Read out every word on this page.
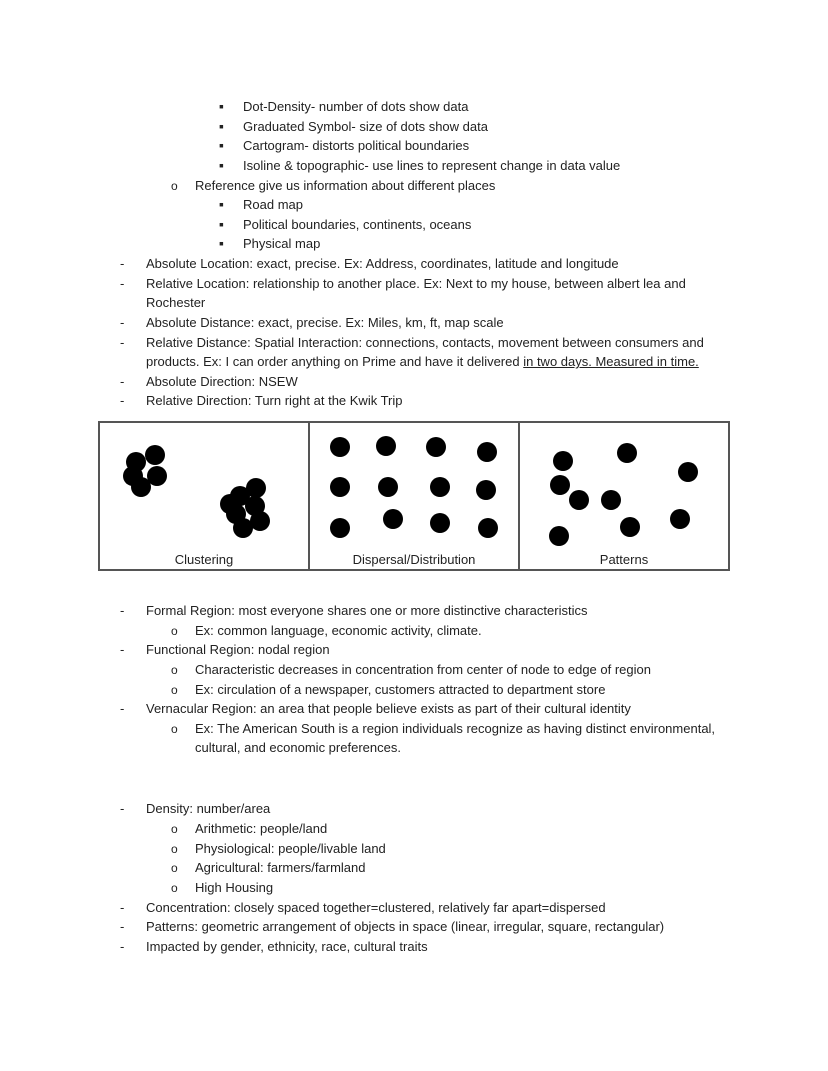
▪ Dot-Density- number of dots show data
▪ Graduated Symbol- size of dots show data
▪ Cartogram- distorts political boundaries
▪ Isoline & topographic- use lines to represent change in data value
o Reference give us information about different places
▪ Road map
▪ Political boundaries, continents, oceans
▪ Physical map
- Absolute Location: exact, precise. Ex: Address, coordinates, latitude and longitude
- Relative Location: relationship to another place. Ex: Next to my house, between albert lea and
Rochester
- Absolute Distance: exact, precise. Ex: Miles, km, ft, map scale
- Relative Distance: Spatial Interaction: connections, contacts, movement between consumers and
products. Ex: I can order anything on Prime and have it delivered in two days. Measured in time.
- Absolute Direction: NSEW
- Relative Direction: Turn right at the Kwik Trip
Clustering	Dispersal/Distribution	Patterns
- Formal Region: most everyone shares one or more distinctive characteristics
o Ex: common language, economic activity, climate.
- Functional Region: nodal region
o Characteristic decreases in concentration from center of node to edge of region
o Ex: circulation of a newspaper, customers attracted to department store
- Vernacular Region: an area that people believe exists as part of their cultural identity
o Ex: The American South is a region individuals recognize as having distinct environmental,
cultural, and economic preferences.
- Density: number/area
o Arithmetic: people/land
o Physiological: people/livable land
o Agricultural: farmers/farmland
o High Housing
- Concentration: closely spaced together=clustered, relatively far apart=dispersed
- Patterns: geometric arrangement of objects in space (linear, irregular, square, rectangular)
- Impacted by gender, ethnicity, race, cultural traits
